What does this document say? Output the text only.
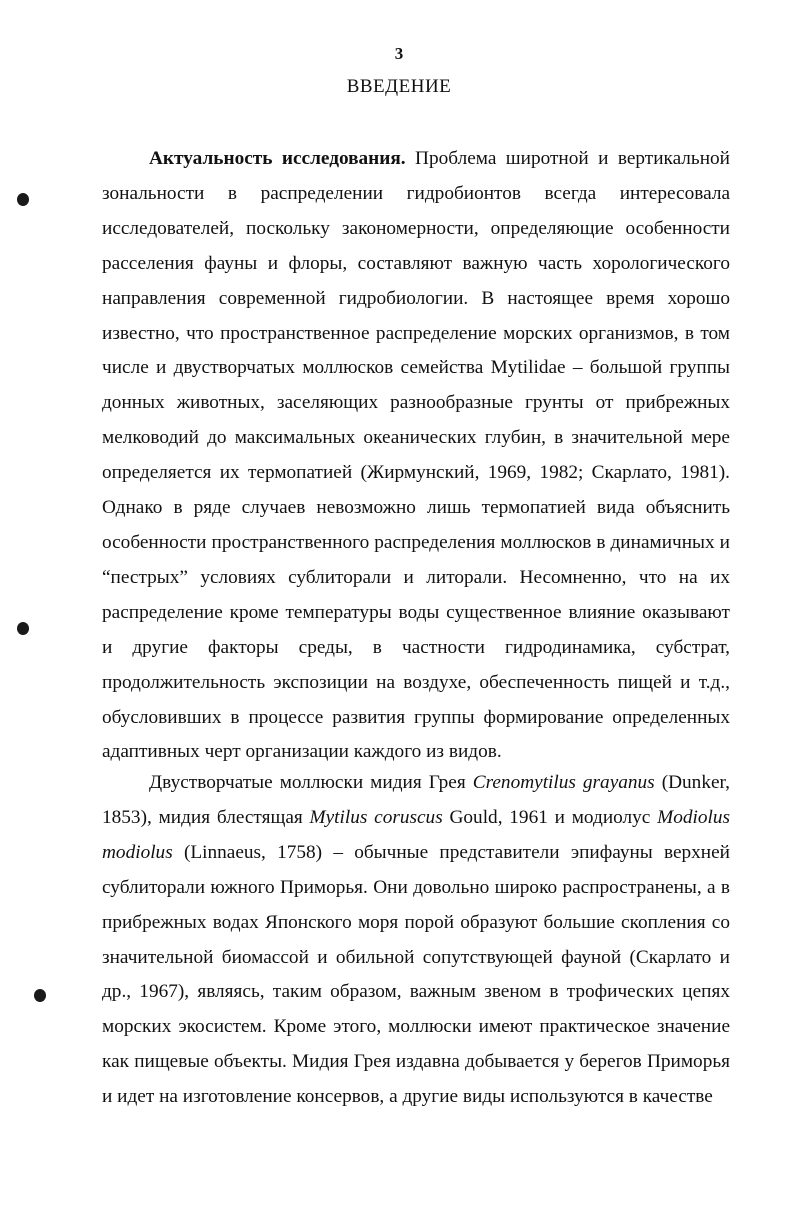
3
ВВЕДЕНИЕ

Актуальность исследования. Проблема широтной и вертикальной зональности в распределении гидробионтов всегда интересовала исследователей, поскольку закономерности, определяющие особенности расселения фауны и флоры, составляют важную часть хорологического направления современной гидробиологии. В настоящее время хорошо известно, что пространственное распределение морских организмов, в том числе и двустворчатых моллюсков семейства Mytilidae – большой группы донных животных, заселяющих разнообразные грунты от прибрежных мелководий до максимальных океанических глубин, в значительной мере определяется их термопатией (Жирмунский, 1969, 1982; Скарлато, 1981). Однако в ряде случаев невозможно лишь термопатией вида объяснить особенности пространственного распределения моллюсков в динамичных и “пестрых” условиях сублиторали и литорали. Несомненно, что на их распределение кроме температуры воды существенное влияние оказывают и другие факторы среды, в частности гидродинамика, субстрат, продолжительность экспозиции на воздухе, обеспеченность пищей и т.д., обусловивших в процессе развития группы формирование определенных адаптивных черт организации каждого из видов.

Двустворчатые моллюски мидия Грея Crenomytilus grayanus (Dunker, 1853), мидия блестящая Mytilus coruscus Gould, 1961 и модиолус Modiolus modiolus (Linnaeus, 1758) – обычные представители эпифауны верхней сублиторали южного Приморья. Они довольно широко распространены, а в прибрежных водах Японского моря порой образуют большие скопления со значительной биомассой и обильной сопутствующей фауной (Скарлато и др., 1967), являясь, таким образом, важным звеном в трофических цепях морских экосистем. Кроме этого, моллюски имеют практическое значение как пищевые объекты. Мидия Грея издавна добывается у берегов Приморья и идет на изготовление консервов, а другие виды используются в качестве
